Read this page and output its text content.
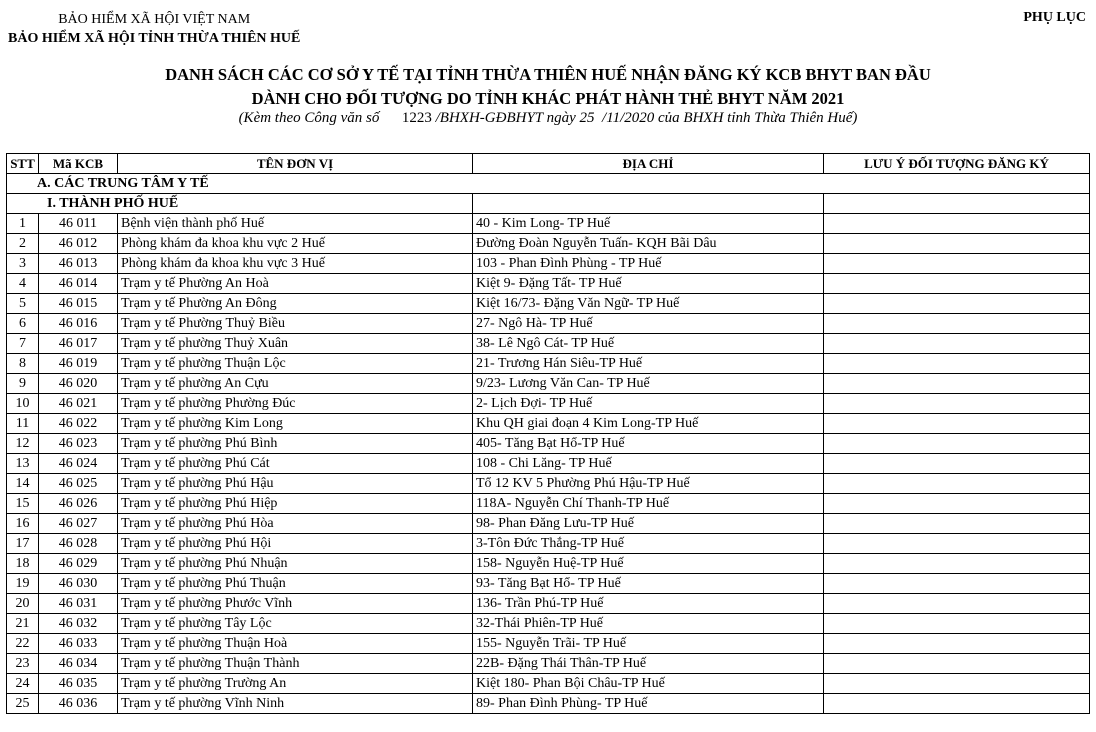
BẢO HIỂM XÃ HỘI VIỆT NAM
BẢO HIỂM XÃ HỘI TỈNH THỪA THIÊN HUẾ
PHỤ LỤC
DANH SÁCH CÁC CƠ SỞ Y TẾ TẠI TỈNH THỪA THIÊN HUẾ NHẬN ĐĂNG KÝ KCB BHYT BAN ĐẦU
DÀNH CHO ĐỐI TƯỢNG DO TỈNH KHÁC PHÁT HÀNH THẺ BHYT NĂM 2021
(Kèm theo Công văn số 1223 /BHXH-GĐBHYT ngày 25 /11/2020 của BHXH tỉnh Thừa Thiên Huế)
STT	Mã KCB	TÊN ĐƠN VỊ	ĐỊA CHỈ	LƯU Ý ĐỐI TƯỢNG ĐĂNG KÝ
A. CÁC TRUNG TÂM Y TẾ				
I. THÀNH PHỐ HUẾ				
1	46 011	Bệnh viện thành phố Huế	40 - Kim Long- TP Huế	
2	46 012	Phòng khám đa khoa khu vực 2 Huế	Đường Đoàn Nguyễn Tuấn- KQH Bãi Dâu	
3	46 013	Phòng khám đa khoa khu vực 3 Huế	103 - Phan Đình Phùng - TP Huế	
4	46 014	Trạm y tế Phường An Hoà	Kiệt 9- Đặng Tất- TP Huế	
5	46 015	Trạm y tế Phường An Đông	Kiệt 16/73- Đặng Văn Ngữ- TP Huế	
6	46 016	Trạm y tế Phường Thuỷ Biều	27- Ngô Hà- TP Huế	
7	46 017	Trạm y tế phường Thuỷ Xuân	38- Lê Ngô Cát- TP Huế	
8	46 019	Trạm y tế phường Thuận Lộc	21- Trương Hán Siêu-TP Huế	
9	46 020	Trạm y tế phường An Cựu	9/23- Lương Văn Can- TP Huế	
10	46 021	Trạm y tế phường Phường Đúc	2- Lịch Đợi- TP Huế	
11	46 022	Trạm y tế phường Kim Long	Khu QH giai đoạn 4 Kim Long-TP Huế	
12	46 023	Trạm y tế phường Phú Bình	405- Tăng Bạt Hổ-TP Huế	
13	46 024	Trạm y tế phường Phú Cát	108 - Chi Lăng- TP Huế	
14	46 025	Trạm y tế phường Phú Hậu	Tổ 12 KV 5 Phường Phú Hậu-TP Huế	
15	46 026	Trạm y tế phường Phú Hiệp	118A- Nguyễn Chí Thanh-TP Huế	
16	46 027	Trạm y tế phường Phú Hòa	98- Phan Đăng Lưu-TP Huế	
17	46 028	Trạm y tế phường Phú Hội	3-Tôn Đức Thắng-TP Huế	
18	46 029	Trạm y tế phường Phú Nhuận	158- Nguyễn Huệ-TP Huế	
19	46 030	Trạm y tế phường Phú Thuận	93- Tăng Bạt Hổ- TP Huế	
20	46 031	Trạm y tế phường Phước Vĩnh	136- Trần Phú-TP Huế	
21	46 032	Trạm y tế phường Tây Lộc	32-Thái Phiên-TP Huế	
22	46 033	Trạm y tế phường Thuận Hoà	155- Nguyễn Trãi- TP Huế	
23	46 034	Trạm y tế phường Thuận Thành	22B- Đặng Thái Thân-TP Huế	
24	46 035	Trạm y tế phường Trường An	Kiệt 180- Phan Bội Châu-TP Huế	
25	46 036	Trạm y tế phường Vĩnh Ninh	89- Phan Đình Phùng- TP Huế	
